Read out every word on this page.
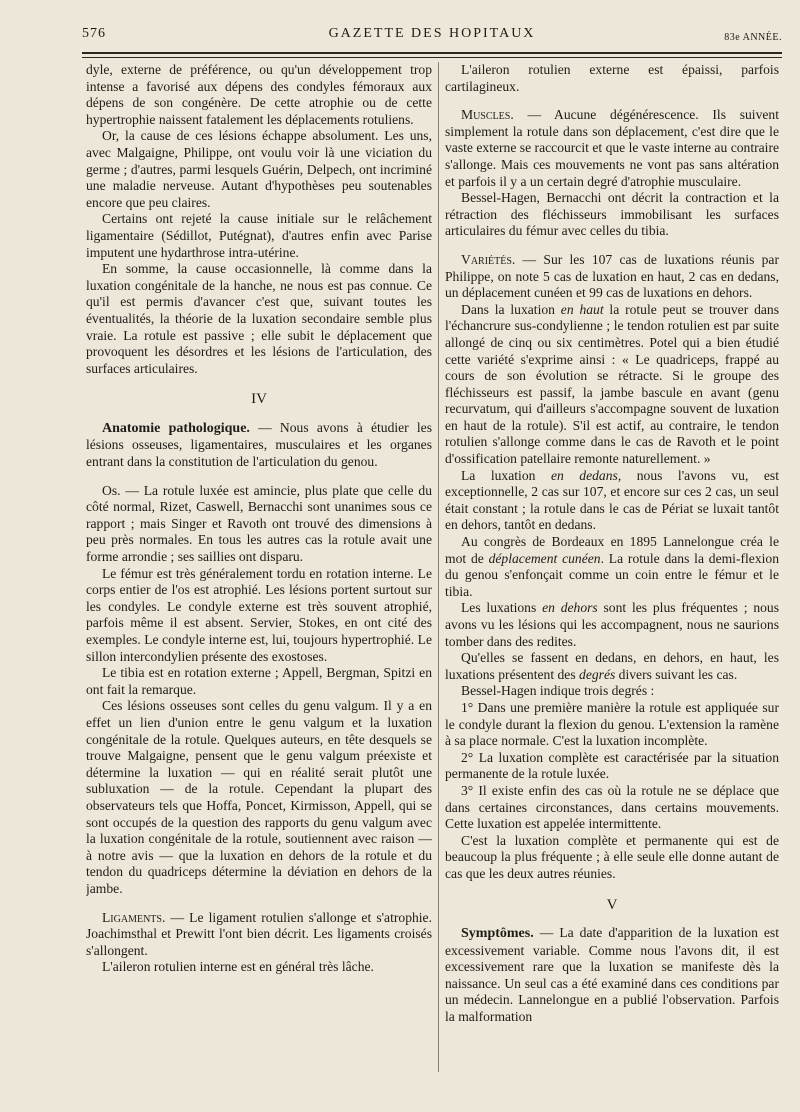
576	GAZETTE DES HOPITAUX	83e ANNÉE.

dyle, externe de préférence, ou qu'un développement trop intense a favorisé aux dépens des condyles fémoraux aux dépens de son congénère. De cette atrophie ou de cette hypertrophie naissent fatalement les déplacements rotuliens.

Or, la cause de ces lésions échappe absolument. Les uns, avec Malgaigne, Philippe, ont voulu voir là une viciation du germe ; d'autres, parmi lesquels Guérin, Delpech, ont incriminé une maladie nerveuse. Autant d'hypothèses peu soutenables encore que peu claires.

Certains ont rejeté la cause initiale sur le relâchement ligamentaire (Sédillot, Putégnat), d'autres enfin avec Parise imputent une hydarthrose intra-utérine.

En somme, la cause occasionnelle, là comme dans la luxation congénitale de la hanche, ne nous est pas connue. Ce qu'il est permis d'avancer c'est que, suivant toutes les éventualités, la théorie de la luxation secondaire semble plus vraie. La rotule est passive ; elle subit le déplacement que provoquent les désordres et les lésions de l'articulation, des surfaces articulaires.

IV

Anatomie pathologique. — Nous avons à étudier les lésions osseuses, ligamentaires, musculaires et les organes entrant dans la constitution de l'articulation du genou.

Os. — La rotule luxée est amincie, plus plate que celle du côté normal, Rizet, Caswell, Bernacchi sont unanimes sous ce rapport ; mais Singer et Ravoth ont trouvé des dimensions à peu près normales. En tous les autres cas la rotule avait une forme arrondie ; ses saillies ont disparu.

Le fémur est très généralement tordu en rotation interne. Le corps entier de l'os est atrophié. Les lésions portent surtout sur les condyles. Le condyle externe est très souvent atrophié, parfois même il est absent. Servier, Stokes, en ont cité des exemples. Le condyle interne est, lui, toujours hypertrophié. Le sillon intercondylien présente des exostoses.

Le tibia est en rotation externe ; Appell, Bergman, Spitzi en ont fait la remarque.

Ces lésions osseuses sont celles du genu valgum. Il y a en effet un lien d'union entre le genu valgum et la luxation congénitale de la rotule. Quelques auteurs, en tête desquels se trouve Malgaigne, pensent que le genu valgum préexiste et détermine la luxation — qui en réalité serait plutôt une subluxation — de la rotule. Cependant la plupart des observateurs tels que Hoffa, Poncet, Kirmisson, Appell, qui se sont occupés de la question des rapports du genu valgum avec la luxation congénitale de la rotule, soutiennent avec raison — à notre avis — que la luxation en dehors de la rotule et du tendon du quadriceps détermine la déviation en dehors de la jambe.

Ligaments. — Le ligament rotulien s'allonge et s'atrophie. Joachimsthal et Prewitt l'ont bien décrit. Les ligaments croisés s'allongent.

L'aileron rotulien interne est en général très lâche.

L'aileron rotulien externe est épaissi, parfois cartilagineux.

Muscles. — Aucune dégénérescence. Ils suivent simplement la rotule dans son déplacement, c'est dire que le vaste externe se raccourcit et que le vaste interne au contraire s'allonge. Mais ces mouvements ne vont pas sans altération et parfois il y a un certain degré d'atrophie musculaire.

Bessel-Hagen, Bernacchi ont décrit la contraction et la rétraction des fléchisseurs immobilisant les surfaces articulaires du fémur avec celles du tibia.

Variétés. — Sur les 107 cas de luxations réunis par Philippe, on note 5 cas de luxation en haut, 2 cas en dedans, un déplacement cunéen et 99 cas de luxations en dehors.

Dans la luxation en haut la rotule peut se trouver dans l'échancrure sus-condylienne ; le tendon rotulien est par suite allongé de cinq ou six centimètres. Potel qui a bien étudié cette variété s'exprime ainsi : « Le quadriceps, frappé au cours de son évolution se rétracte. Si le groupe des fléchisseurs est passif, la jambe bascule en avant (genu recurvatum, qui d'ailleurs s'accompagne souvent de luxation en haut de la rotule). S'il est actif, au contraire, le tendon rotulien s'allonge comme dans le cas de Ravoth et le point d'ossification patellaire remonte naturellement. »

La luxation en dedans, nous l'avons vu, est exceptionnelle, 2 cas sur 107, et encore sur ces 2 cas, un seul était constant ; la rotule dans le cas de Périat se luxait tantôt en dehors, tantôt en dedans.

Au congrès de Bordeaux en 1895 Lannelongue créa le mot de déplacement cunéen. La rotule dans la demi-flexion du genou s'enfonçait comme un coin entre le fémur et le tibia.

Les luxations en dehors sont les plus fréquentes ; nous avons vu les lésions qui les accompagnent, nous ne saurions tomber dans des redites.

Qu'elles se fassent en dedans, en dehors, en haut, les luxations présentent des degrés divers suivant les cas.

Bessel-Hagen indique trois degrés :

1° Dans une première manière la rotule est appliquée sur le condyle durant la flexion du genou. L'extension la ramène à sa place normale. C'est la luxation incomplète.

2° La luxation complète est caractérisée par la situation permanente de la rotule luxée.

3° Il existe enfin des cas où la rotule ne se déplace que dans certaines circonstances, dans certains mouvements. Cette luxation est appelée intermittente.

C'est la luxation complète et permanente qui est de beaucoup la plus fréquente ; à elle seule elle donne autant de cas que les deux autres réunies.

V

Symptômes. — La date d'apparition de la luxation est excessivement variable. Comme nous l'avons dit, il est excessivement rare que la luxation se manifeste dès la naissance. Un seul cas a été examiné dans ces conditions par un médecin. Lannelongue en a publié l'observation. Parfois la malformation
